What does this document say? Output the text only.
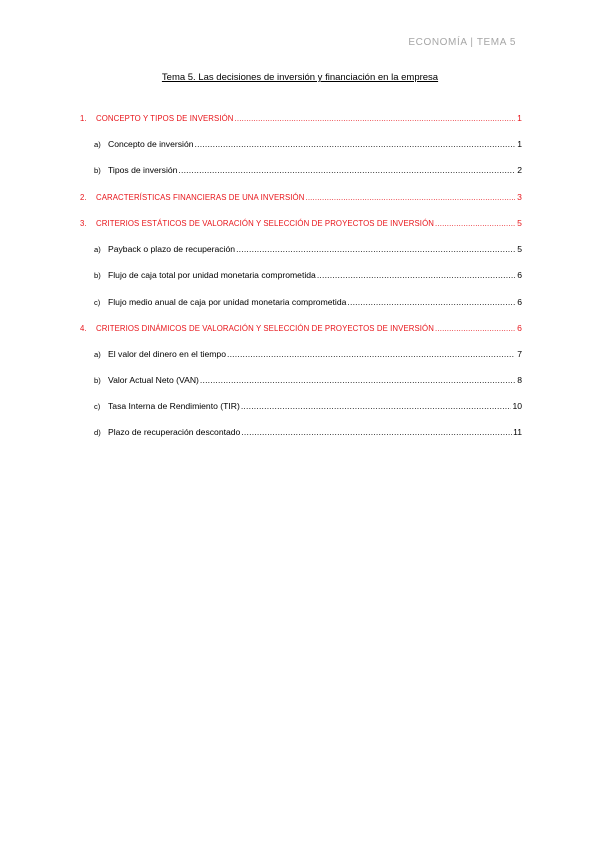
ECONOMÍA | TEMA 5
Tema 5. Las decisiones de inversión y financiación en la empresa
1.	CONCEPTO Y TIPOS DE INVERSIÓN .....	1
a) Concepto de inversión .....	1
b) Tipos de inversión .....	2
2.	CARACTERÍSTICAS FINANCIERAS DE UNA INVERSIÓN .....	3
3.	CRITERIOS ESTÁTICOS DE VALORACIÓN Y SELECCIÓN DE PROYECTOS DE INVERSIÓN .....	5
a) Payback o plazo de recuperación .....	5
b) Flujo de caja total por unidad monetaria comprometida .....	6
c) Flujo medio anual de caja por unidad monetaria comprometida .....	6
4.	CRITERIOS DINÁMICOS DE VALORACIÓN Y SELECCIÓN DE PROYECTOS DE INVERSIÓN .....	6
a) El valor del dinero en el tiempo .....	7
b) Valor Actual Neto (VAN) .....	8
c) Tasa Interna de Rendimiento (TIR) .....	10
d) Plazo de recuperación descontado .....	11
